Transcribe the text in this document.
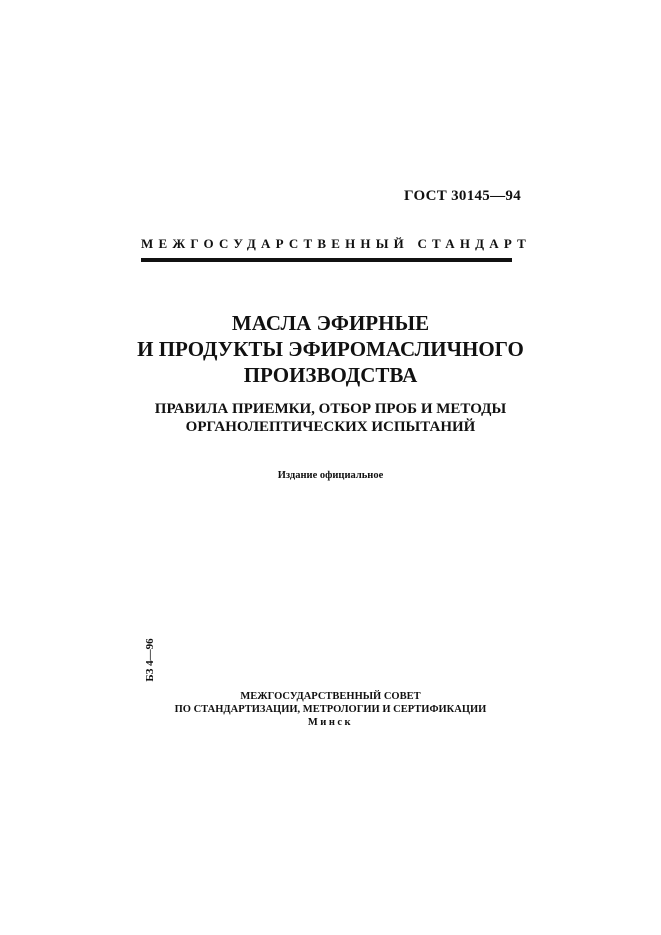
ГОСТ 30145—94
МЕЖГОСУДАРСТВЕННЫЙ СТАНДАРТ
МАСЛА ЭФИРНЫЕ
И ПРОДУКТЫ ЭФИРОМАСЛИЧНОГО
ПРОИЗВОДСТВА
ПРАВИЛА ПРИЕМКИ, ОТБОР ПРОБ И МЕТОДЫ
ОРГАНОЛЕПТИЧЕСКИХ ИСПЫТАНИЙ
Издание официальное
БЗ 4—96
МЕЖГОСУДАРСТВЕННЫЙ СОВЕТ
ПО СТАНДАРТИЗАЦИИ, МЕТРОЛОГИИ И СЕРТИФИКАЦИИ
Минск
